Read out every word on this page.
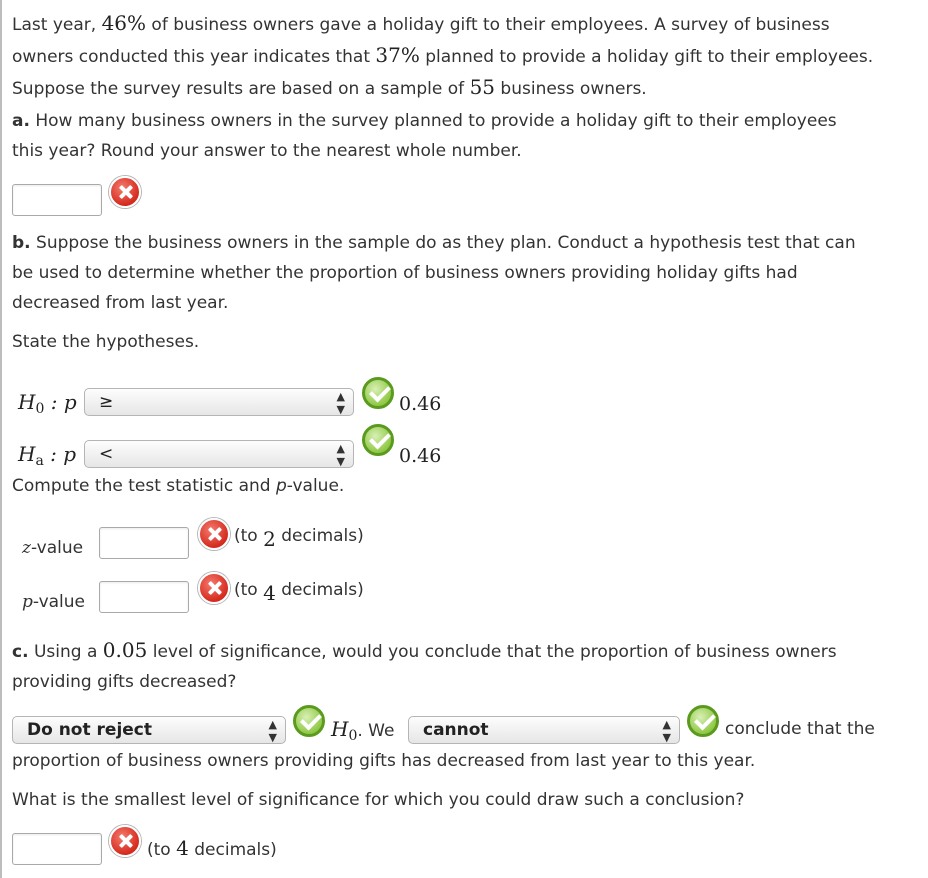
Last year, 46% of business owners gave a holiday gift to their employees. A survey of business
owners conducted this year indicates that 37% planned to provide a holiday gift to their employees.
Suppose the survey results are based on a sample of 55 business owners.
a. How many business owners in the survey planned to provide a holiday gift to their employees
this year? Round your answer to the nearest whole number.
b. Suppose the business owners in the sample do as they plan. Conduct a hypothesis test that can
be used to determine whether the proportion of business owners providing holiday gifts had
decreased from last year.
State the hypotheses.
$H_0$ : p	≥	▲
▼	0.46
$H_a$ : p	<	▲
▼	0.46
Compute the test statistic and p-value.
z-value
(to 2 decimals)
p-value
(to 4 decimals)
c. Using a 0.05 level of significance, would you conclude that the proportion of business owners
providing gifts decreased?
Do not reject	▲
▼	$H_0$. We	cannot	▲
▼	conclude that the
proportion of business owners providing gifts has decreased from last year to this year.
What is the smallest level of significance for which you could draw such a conclusion?
(to 4 decimals)
